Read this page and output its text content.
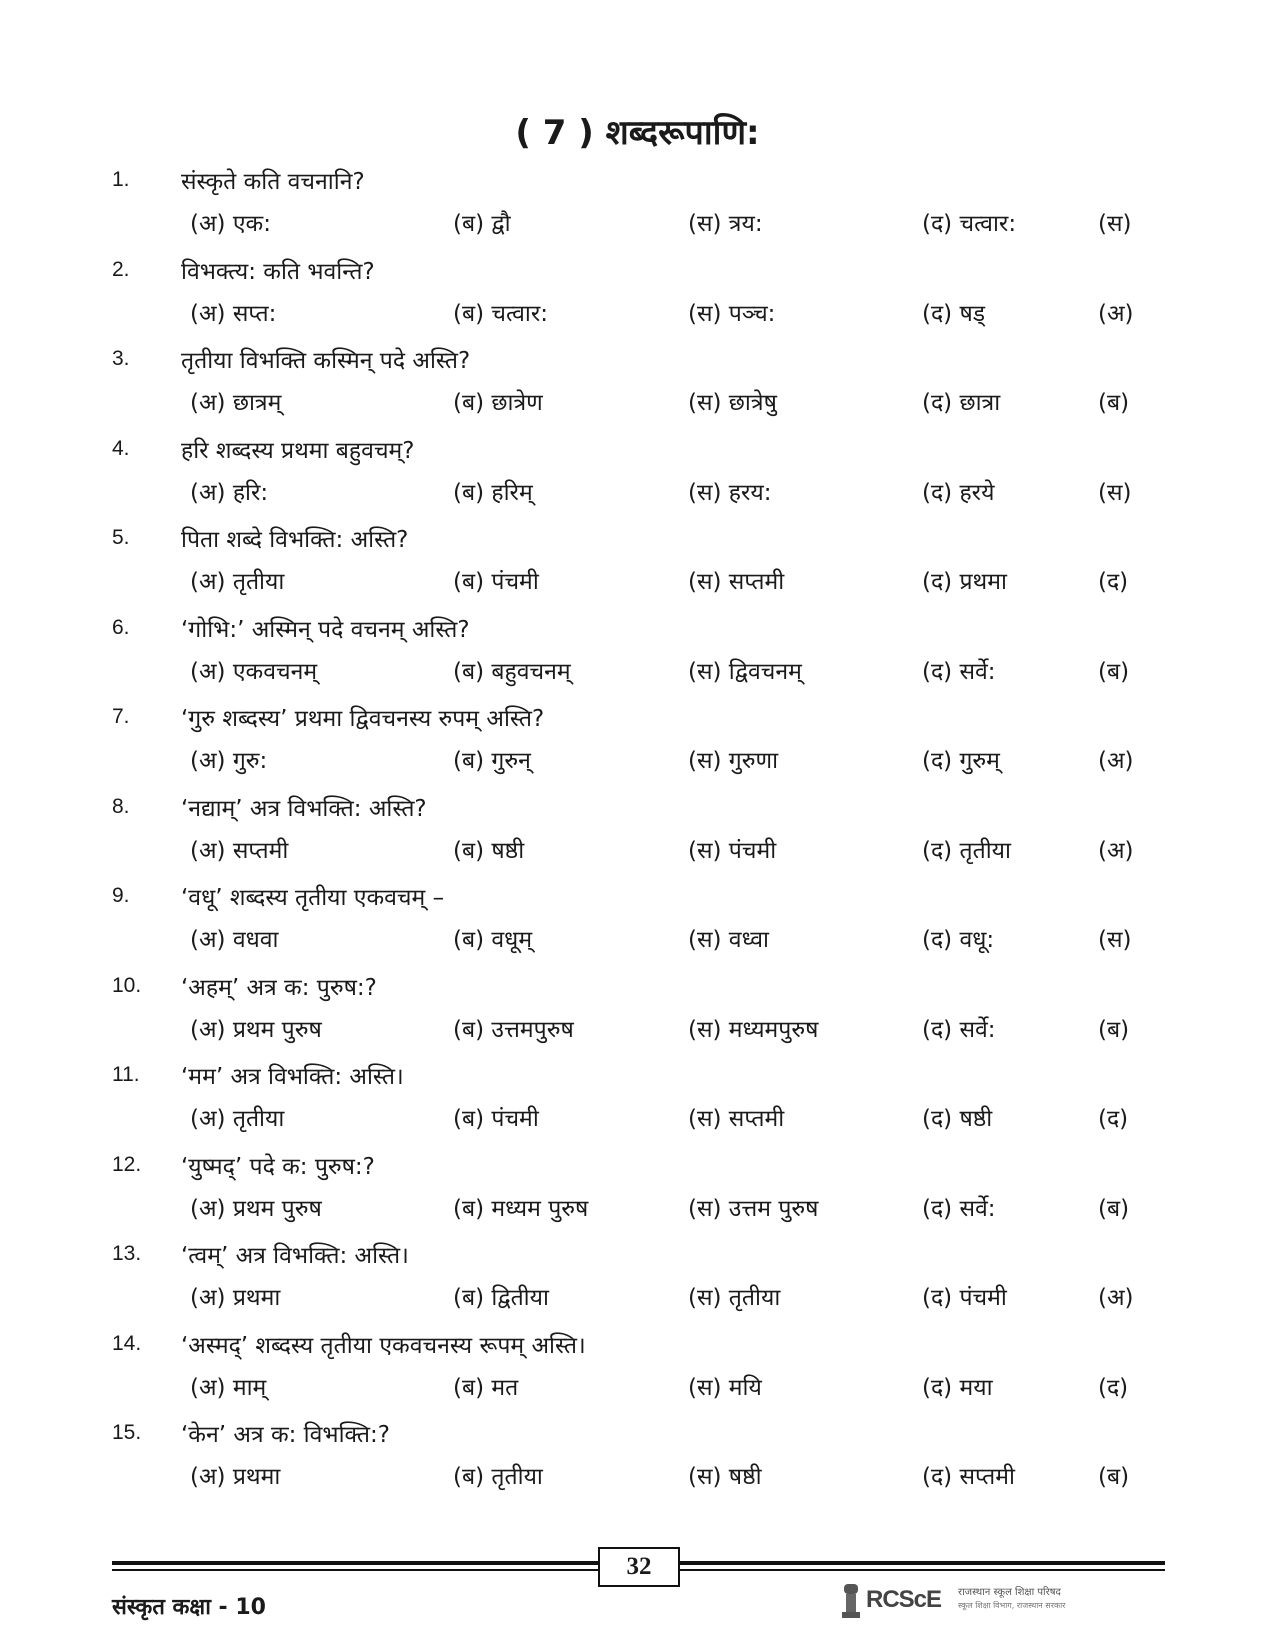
( 7 ) शब्दरूपाणि:
1. संस्कृते कति वचनानि?
(अ) एक:	(ब) द्वौ	(स) त्रय:	(द) चत्वार:	(स)
2. विभक्त्य: कति भवन्ति?
(अ) सप्त:	(ब) चत्वार:	(स) पञ्च:	(द) षड्	(अ)
3. तृतीया विभक्ति कस्मिन् पदे अस्ति?
(अ) छात्रम्	(ब) छात्रेण	(स) छात्रेषु	(द) छात्रा	(ब)
4. हरि शब्दस्य प्रथमा बहुवचम्?
(अ) हरि:	(ब) हरिम्	(स) हरय:	(द) हरये	(स)
5. पिता शब्दे विभक्ति: अस्ति?
(अ) तृतीया	(ब) पंचमी	(स) सप्तमी	(द) प्रथमा	(द)
6. ‘गोभि:’ अस्मिन् पदे वचनम् अस्ति?
(अ) एकवचनम्	(ब) बहुवचनम्	(स) द्विवचनम्	(द) सर्वे:	(ब)
7. ‘गुरु शब्दस्य’ प्रथमा द्विवचनस्य रुपम् अस्ति?
(अ) गुरु:	(ब) गुरुन्	(स) गुरुणा	(द) गुरुम्	(अ)
8. ‘नद्याम्’ अत्र विभक्ति: अस्ति?
(अ) सप्तमी	(ब) षष्ठी	(स) पंचमी	(द) तृतीया	(अ)
9. ‘वधू’ शब्दस्य तृतीया एकवचम् –
(अ) वधवा	(ब) वधूम्	(स) वध्वा	(द) वधू:	(स)
10. ‘अहम्’ अत्र क: पुरुष:?
(अ) प्रथम पुरुष	(ब) उत्तमपुरुष	(स) मध्यमपुरुष	(द) सर्वे:	(ब)
11. ‘मम’ अत्र विभक्ति: अस्ति।
(अ) तृतीया	(ब) पंचमी	(स) सप्तमी	(द) षष्ठी	(द)
12. ‘युष्मद्’ पदे क: पुरुष:?
(अ) प्रथम पुरुष	(ब) मध्यम पुरुष	(स) उत्तम पुरुष	(द) सर्वे:	(ब)
13. ‘त्वम्’ अत्र विभक्ति: अस्ति।
(अ) प्रथमा	(ब) द्वितीया	(स) तृतीया	(द) पंचमी	(अ)
14. ‘अस्मद्’ शब्दस्य तृतीया एकवचनस्य रूपम् अस्ति।
(अ) माम्	(ब) मत	(स) मयि	(द) मया	(द)
15. ‘केन’ अत्र क: विभक्ति:?
(अ) प्रथमा	(ब) तृतीया	(स) षष्ठी	(द) सप्तमी	(ब)
32
संस्कृत कक्षा - 10	RCScE राजस्थान स्कूल शिक्षा परिषद
स्कूल शिक्षा विभाग, राजस्थान सरकार
